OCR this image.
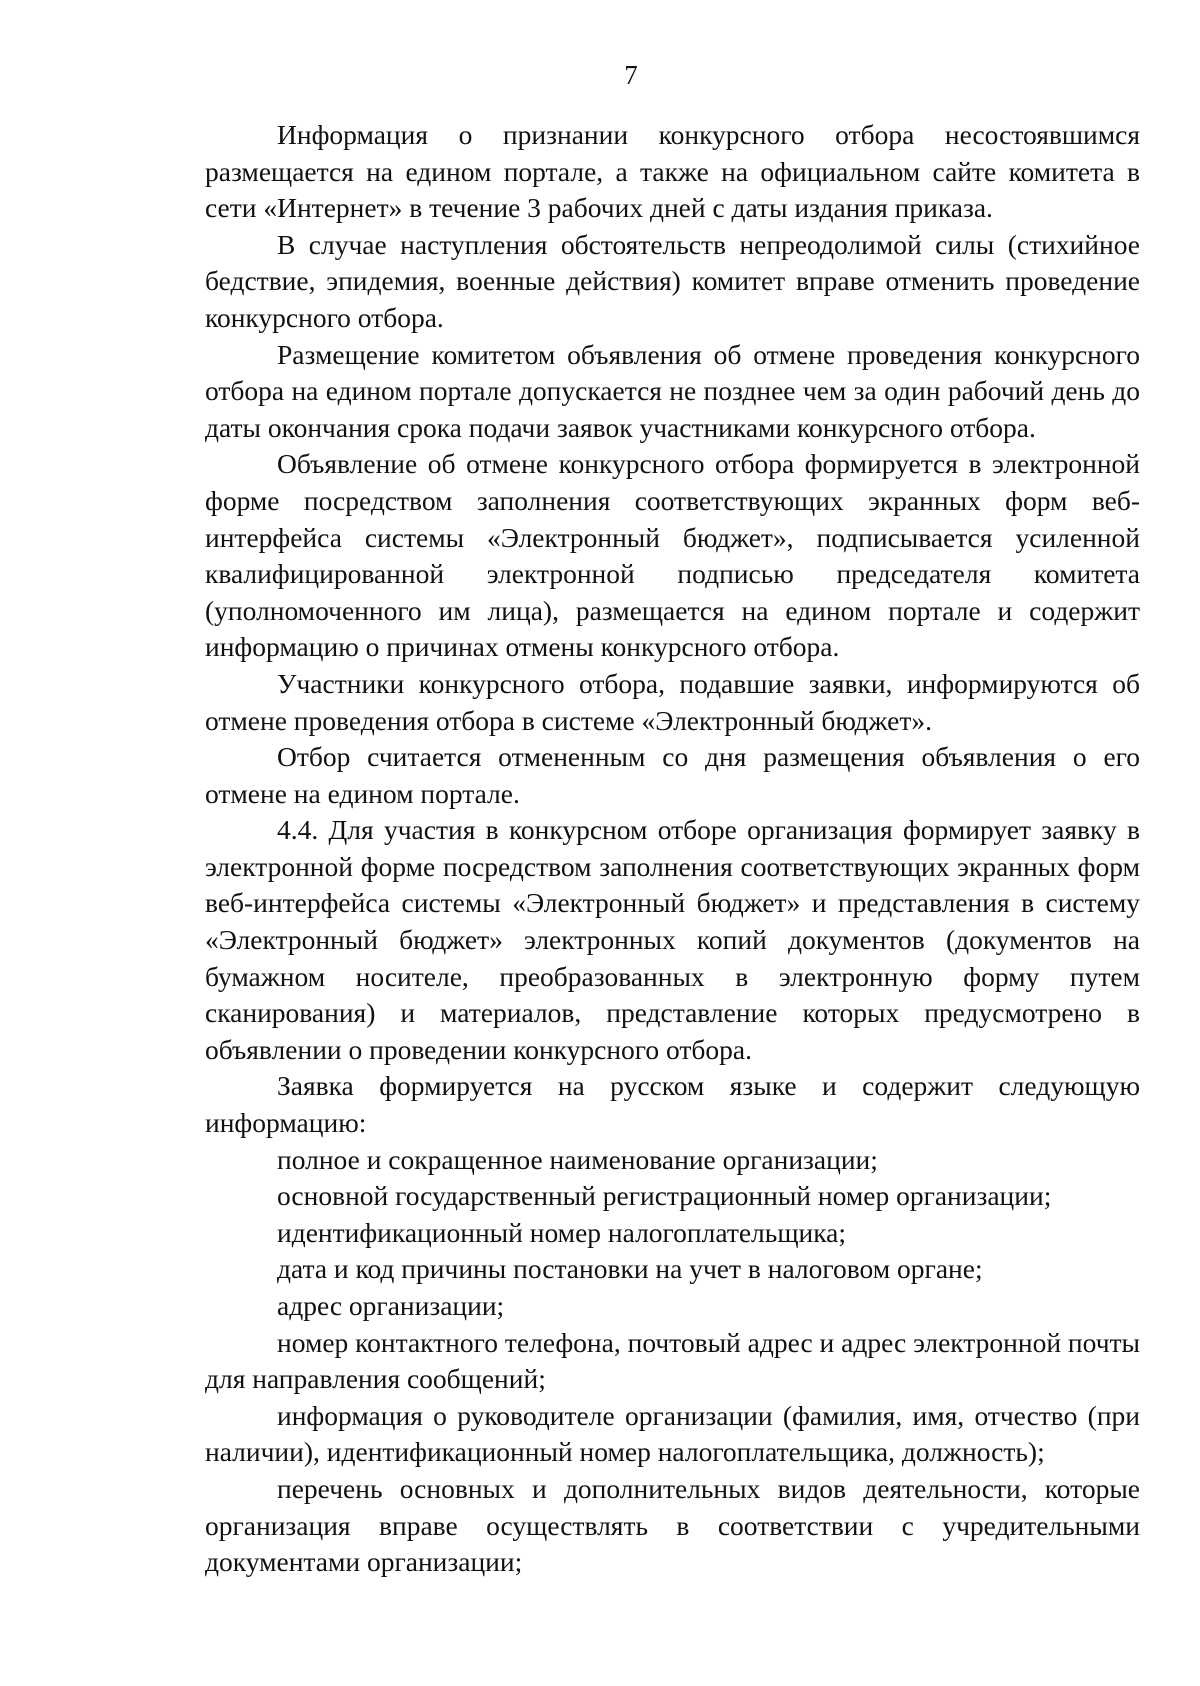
7

Информация о признании конкурсного отбора несостоявшимся размещается на едином портале, а также на официальном сайте комитета в сети «Интернет» в течение 3 рабочих дней с даты издания приказа.

В случае наступления обстоятельств непреодолимой силы (стихийное бедствие, эпидемия, военные действия) комитет вправе отменить проведение конкурсного отбора.

Размещение комитетом объявления об отмене проведения конкурсного отбора на едином портале допускается не позднее чем за один рабочий день до даты окончания срока подачи заявок участниками конкурсного отбора.

Объявление об отмене конкурсного отбора формируется в электронной форме посредством заполнения соответствующих экранных форм веб-интерфейса системы «Электронный бюджет», подписывается усиленной квалифицированной электронной подписью председателя комитета (уполномоченного им лица), размещается на едином портале и содержит информацию о причинах отмены конкурсного отбора.

Участники конкурсного отбора, подавшие заявки, информируются об отмене проведения отбора в системе «Электронный бюджет».

Отбор считается отмененным со дня размещения объявления о его отмене на едином портале.

4.4. Для участия в конкурсном отборе организация формирует заявку в электронной форме посредством заполнения соответствующих экранных форм веб-интерфейса системы «Электронный бюджет» и представления в систему «Электронный бюджет» электронных копий документов (документов на бумажном носителе, преобразованных в электронную форму путем сканирования) и материалов, представление которых предусмотрено в объявлении о проведении конкурсного отбора.

Заявка формируется на русском языке и содержит следующую информацию:

полное и сокращенное наименование организации;

основной государственный регистрационный номер организации;

идентификационный номер налогоплательщика;

дата и код причины постановки на учет в налоговом органе;

адрес организации;

номер контактного телефона, почтовый адрес и адрес электронной почты для направления сообщений;

информация о руководителе организации (фамилия, имя, отчество (при наличии), идентификационный номер налогоплательщика, должность);

перечень основных и дополнительных видов деятельности, которые организация вправе осуществлять в соответствии с учредительными документами организации;
